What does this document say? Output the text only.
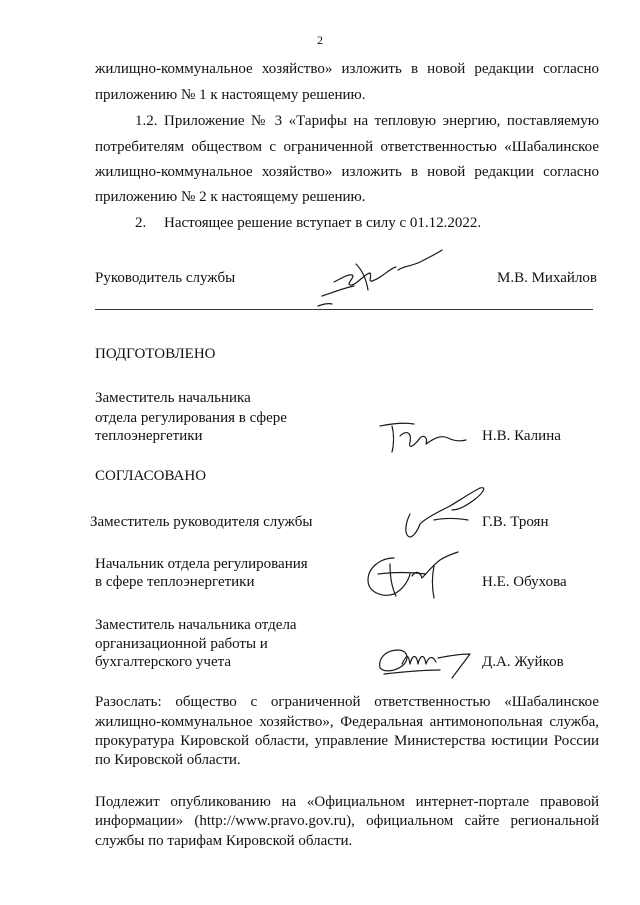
2
жилищно-коммунальное хозяйство» изложить в новой редакции согласно
приложению № 1 к настоящему решению.
1.2. Приложение № 3 «Тарифы на тепловую энергию, поставляемую
потребителям обществом с ограниченной ответственностью «Шабалинское
жилищно-коммунальное хозяйство» изложить в новой редакции согласно
приложению № 2 к настоящему решению.
2. Настоящее решение вступает в силу с 01.12.2022.
Руководитель службы	М.В. Михайлов
ПОДГОТОВЛЕНО
Заместитель начальника
отдела регулирования в сфере
теплоэнергетики	Н.В. Калина
СОГЛАСОВАНО
Заместитель руководителя службы	Г.В. Троян
Начальник отдела регулирования
в сфере теплоэнергетики	Н.Е. Обухова
Заместитель начальника отдела
организационной работы и
бухгалтерского учета	Д.А. Жуйков
Разослать: общество с ограниченной ответственностью «Шабалинское
жилищно-коммунальное хозяйство», Федеральная антимонопольная служба,
прокуратура Кировской области, управление Министерства юстиции России
по Кировской области.
Подлежит опубликованию на «Официальном интернет-портале правовой
информации» (http://www.pravo.gov.ru), официальном сайте региональной
службы по тарифам Кировской области.
